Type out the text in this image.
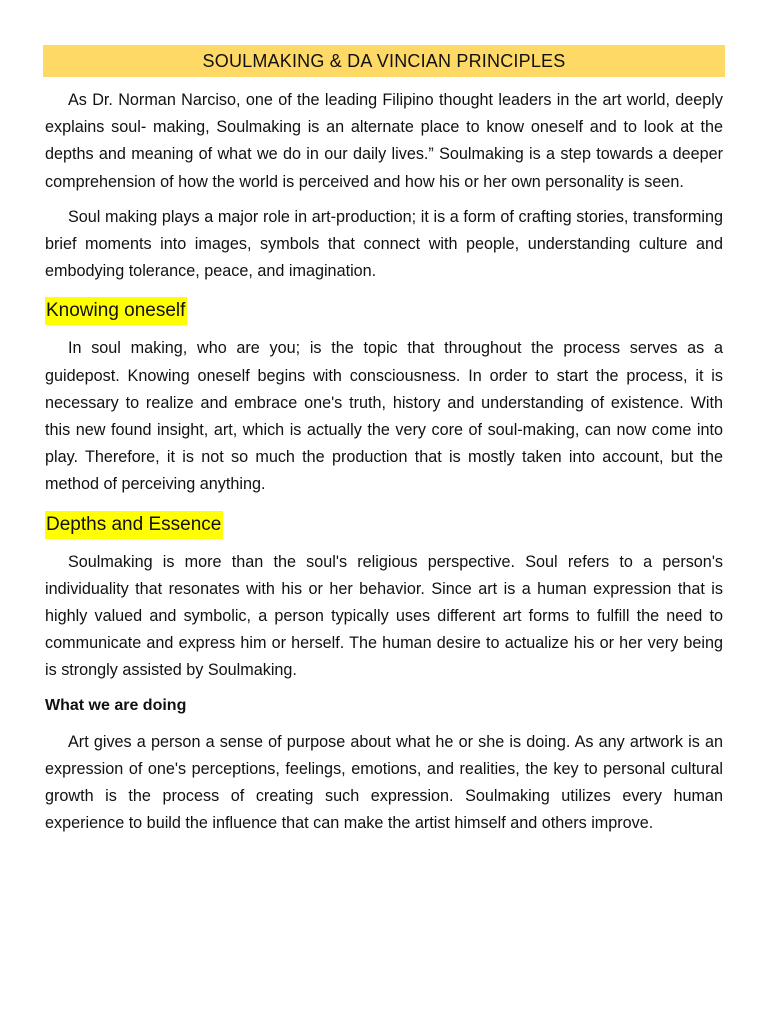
SOULMAKING & DA VINCIAN PRINCIPLES

As Dr. Norman Narciso, one of the leading Filipino thought leaders in the art world, deeply explains soul- making, Soulmaking is an alternate place to know oneself and to look at the depths and meaning of what we do in our daily lives.” Soulmaking is a step towards a deeper comprehension of how the world is perceived and how his or her own personality is seen.

Soul making plays a major role in art-production; it is a form of crafting stories, transforming brief moments into images, symbols that connect with people, understanding culture and embodying tolerance, peace, and imagination.

Knowing oneself

In soul making, who are you; is the topic that throughout the process serves as a guidepost. Knowing oneself begins with consciousness. In order to start the process, it is necessary to realize and embrace one's truth, history and understanding of existence. With this new found insight, art, which is actually the very core of soul-making, can now come into play. Therefore, it is not so much the production that is mostly taken into account, but the method of perceiving anything.

Depths and Essence

Soulmaking is more than the soul's religious perspective. Soul refers to a person's individuality that resonates with his or her behavior. Since art is a human expression that is highly valued and symbolic, a person typically uses different art forms to fulfill the need to communicate and express him or herself. The human desire to actualize his or her very being is strongly assisted by Soulmaking.

What we are doing

Art gives a person a sense of purpose about what he or she is doing. As any artwork is an expression of one's perceptions, feelings, emotions, and realities, the key to personal cultural growth is the process of creating such expression. Soulmaking utilizes every human experience to build the influence that can make the artist himself and others improve.
